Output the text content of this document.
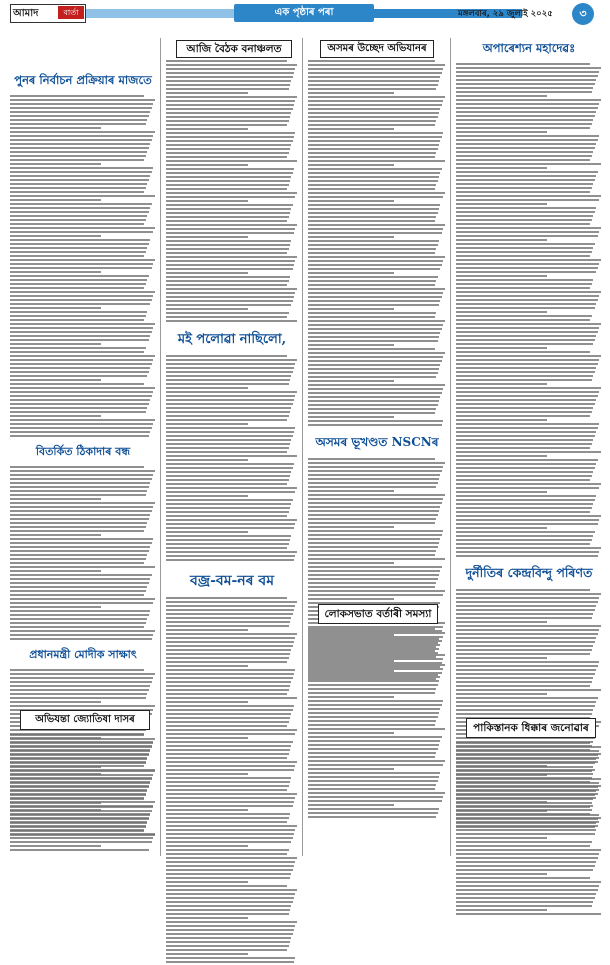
আমাদ	বার্তা	এক পৃষ্ঠাৰ পৰা	মঙ্গলবাৰ, ২৯ জুলাই ২০২৫	৩
পুনৰ নিৰ্বাচন প্ৰক্ৰিয়াৰ মাজতে
বিতৰ্কিত ঠিকাদাৰ বন্ধ
প্ৰধানমন্ত্ৰী মোদীক সাক্ষাৎ
অভিযন্তা জ্যোতিষা দাসৰ
আজি বৈঠক বনাঞ্চলত
মই পলোৱা নাছিলো,
বজ্ৰ-বম-নৰ বম
অসমৰ উচ্ছেদ অভিযানৰ
অসমৰ ভূখণ্ডত NSCNৰ
লোকসভাত বৰ্তাৰী সমস্যা
অপাৰেশ্যন মহাদেৱঃ
দুৰ্নীতিৰ কেন্দ্ৰবিন্দু পৰিণত
পাকিস্তানক ধিক্কাৰ জনোৱাৰ
